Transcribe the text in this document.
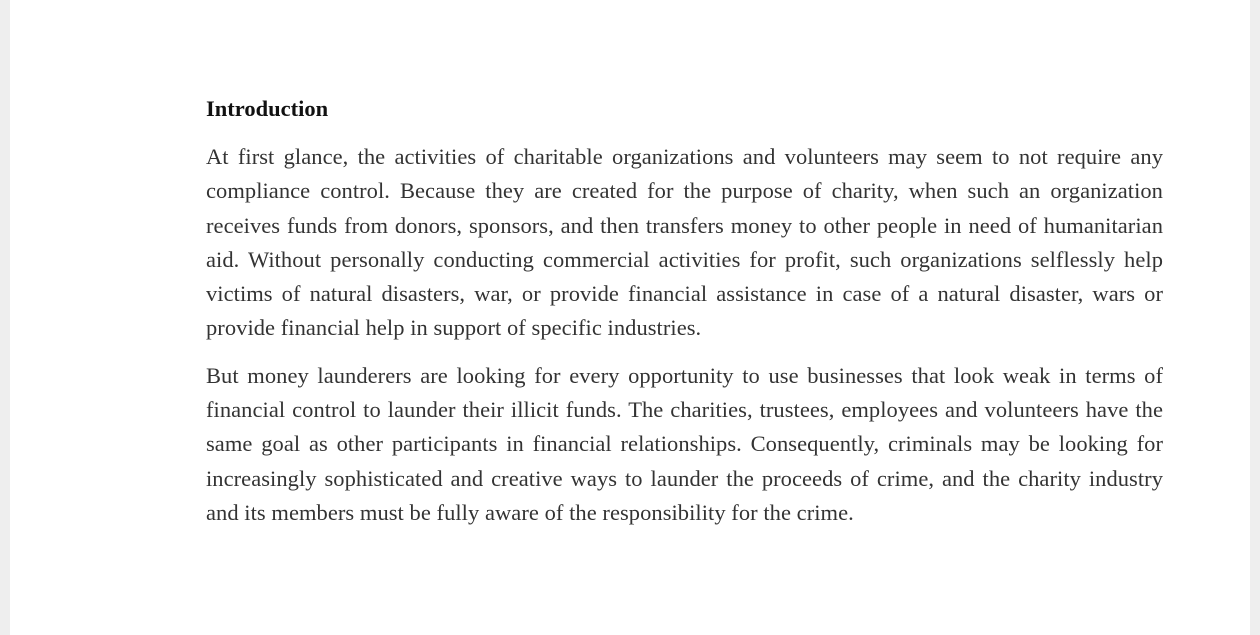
Introduction

At first glance, the activities of charitable organizations and volunteers may seem to not require any compliance control. Because they are created for the purpose of charity, when such an organization receives funds from donors, sponsors, and then transfers money to other people in need of humanitarian aid. Without personally conducting commercial activities for profit, such organizations selflessly help victims of natural disasters, war, or provide financial assistance in case of a natural disaster, wars or provide financial help in support of specific industries.

But money launderers are looking for every opportunity to use businesses that look weak in terms of financial control to launder their illicit funds. The charities, trustees, employees and volunteers have the same goal as other participants in financial relationships. Consequently, criminals may be looking for increasingly sophisticated and creative ways to launder the proceeds of crime, and the charity industry and its members must be fully aware of the responsibility for the crime.
